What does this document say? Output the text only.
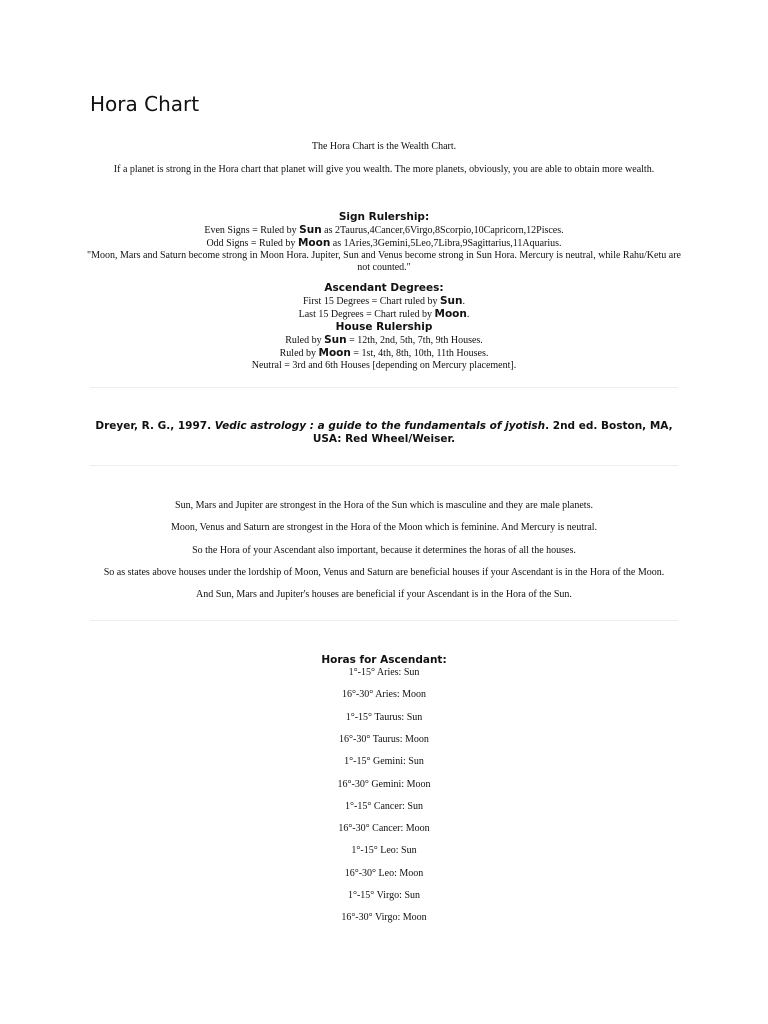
Hora Chart

The Hora Chart is the Wealth Chart.

If a planet is strong in the Hora chart that planet will give you wealth. The more planets, obviously, you are able to obtain more wealth.

Sign Rulership:

Even Signs = Ruled by Sun as 2Taurus,4Cancer,6Virgo,8Scorpio,10Capricorn,12Pisces.

Odd Signs = Ruled by Moon as 1Aries,3Gemini,5Leo,7Libra,9Sagittarius,11Aquarius.

"Moon, Mars and Saturn become strong in Moon Hora. Jupiter, Sun and Venus become strong in Sun Hora. Mercury is neutral, while Rahu/Ketu are not counted."

Ascendant Degrees:

First 15 Degrees = Chart ruled by Sun.

Last 15 Degrees = Chart ruled by Moon.

House Rulership

Ruled by Sun = 12th, 2nd, 5th, 7th, 9th Houses.

Ruled by Moon = 1st, 4th, 8th, 10th, 11th Houses.

Neutral = 3rd and 6th Houses [depending on Mercury placement].

Dreyer, R. G., 1997. Vedic astrology : a guide to the fundamentals of jyotish. 2nd ed. Boston, MA, USA: Red Wheel/Weiser.

Sun, Mars and Jupiter are strongest in the Hora of the Sun which is masculine and they are male planets.

Moon, Venus and Saturn are strongest in the Hora of the Moon which is feminine. And Mercury is neutral.

So the Hora of your Ascendant also important, because it determines the horas of all the houses.

So as states above houses under the lordship of Moon, Venus and Saturn are beneficial houses if your Ascendant is in the Hora of the Moon.

And Sun, Mars and Jupiter's houses are beneficial if your Ascendant is in the Hora of the Sun.

Horas for Ascendant:

1°-15° Aries: Sun

16°-30° Aries: Moon

1°-15° Taurus: Sun

16°-30° Taurus: Moon

1°-15° Gemini: Sun

16°-30° Gemini: Moon

1°-15° Cancer: Sun

16°-30° Cancer: Moon

1°-15° Leo: Sun

16°-30° Leo: Moon

1°-15° Virgo: Sun

16°-30° Virgo: Moon
